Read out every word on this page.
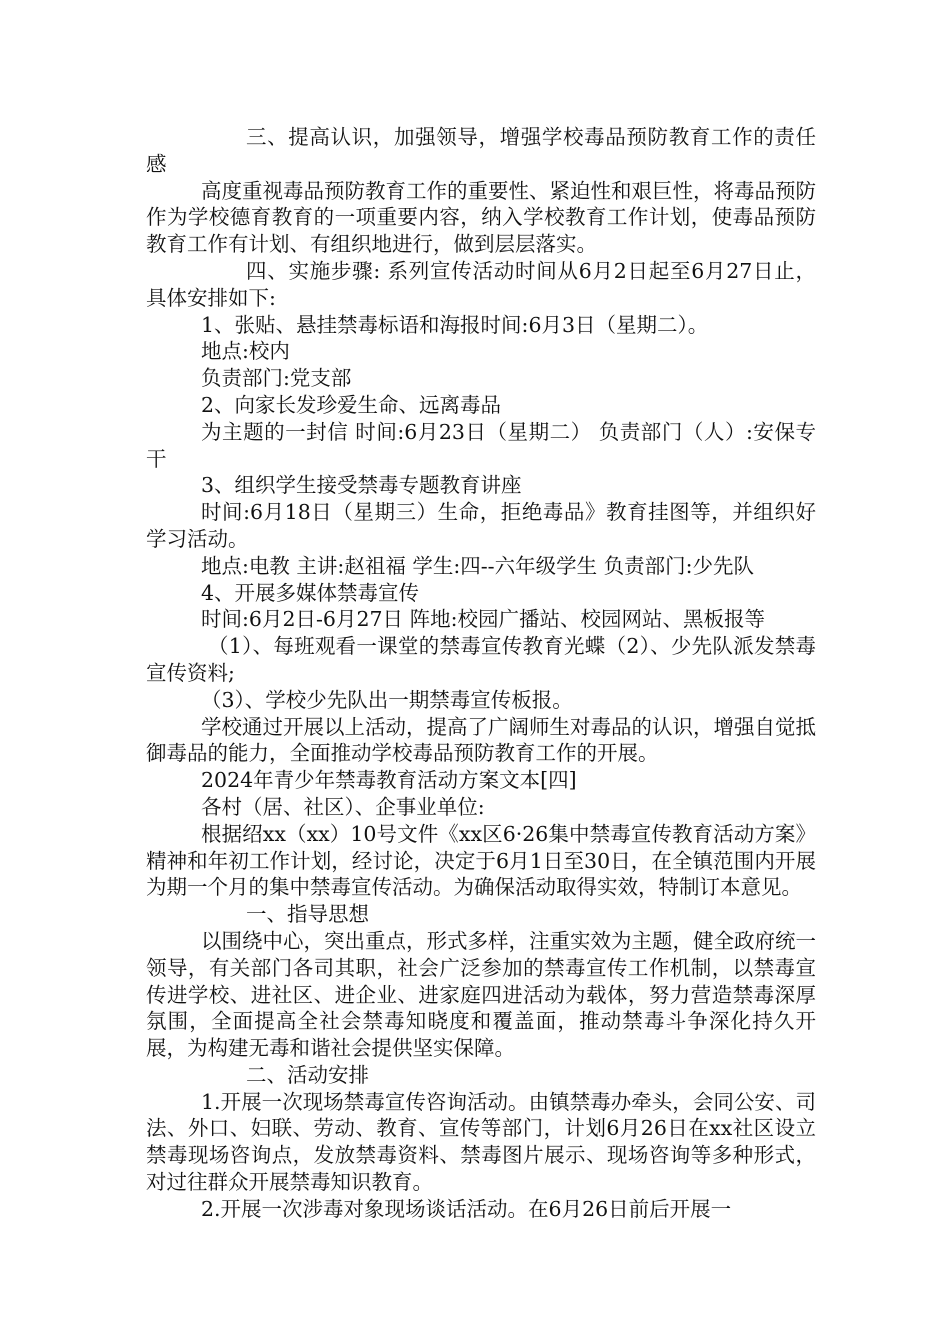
三、提高认识，加强领导，增强学校毒品预防教育工作的责任感

高度重视毒品预防教育工作的重要性、紧迫性和艰巨性，将毒品预防作为学校德育教育的一项重要内容，纳入学校教育工作计划，使毒品预防教育工作有计划、有组织地进行，做到层层落实。

四、实施步骤: 系列宣传活动时间从6月2日起至6月27日止，具体安排如下:

1、张贴、悬挂禁毒标语和海报时间:6月3日（星期二）。

地点:校内

负责部门:党支部

2、向家长发珍爱生命、远离毒品

为主题的一封信 时间:6月23日（星期二） 负责部门（人）:安保专干

3、组织学生接受禁毒专题教育讲座

时间:6月18日（星期三）生命，拒绝毒品》教育挂图等，并组织好学习活动。

地点:电教 主讲:赵祖福 学生:四--六年级学生 负责部门:少先队

4、开展多媒体禁毒宣传

时间:6月2日-6月27日 阵地:校园广播站、校园网站、黑板报等

（1）、每班观看一课堂的禁毒宣传教育光蝶（2）、少先队派发禁毒宣传资料;

（3）、学校少先队出一期禁毒宣传板报。

学校通过开展以上活动，提高了广阔师生对毒品的认识，增强自觉抵御毒品的能力，全面推动学校毒品预防教育工作的开展。

2024年青少年禁毒教育活动方案文本[四]

各村（居、社区）、企事业单位:

根据绍xx（xx）10号文件《xx区6·26集中禁毒宣传教育活动方案》精神和年初工作计划，经讨论，决定于6月1日至30日，在全镇范围内开展为期一个月的集中禁毒宣传活动。为确保活动取得实效，特制订本意见。

一、指导思想

以围绕中心，突出重点，形式多样，注重实效为主题，健全政府统一领导，有关部门各司其职，社会广泛参加的禁毒宣传工作机制，以禁毒宣传进学校、进社区、进企业、进家庭四进活动为载体，努力营造禁毒深厚氛围，全面提高全社会禁毒知晓度和覆盖面，推动禁毒斗争深化持久开展，为构建无毒和谐社会提供坚实保障。

二、活动安排

1.开展一次现场禁毒宣传咨询活动。由镇禁毒办牵头，会同公安、司法、外口、妇联、劳动、教育、宣传等部门，计划6月26日在xx社区设立禁毒现场咨询点，发放禁毒资料、禁毒图片展示、现场咨询等多种形式，对过往群众开展禁毒知识教育。

2.开展一次涉毒对象现场谈话活动。在6月26日前后开展一
